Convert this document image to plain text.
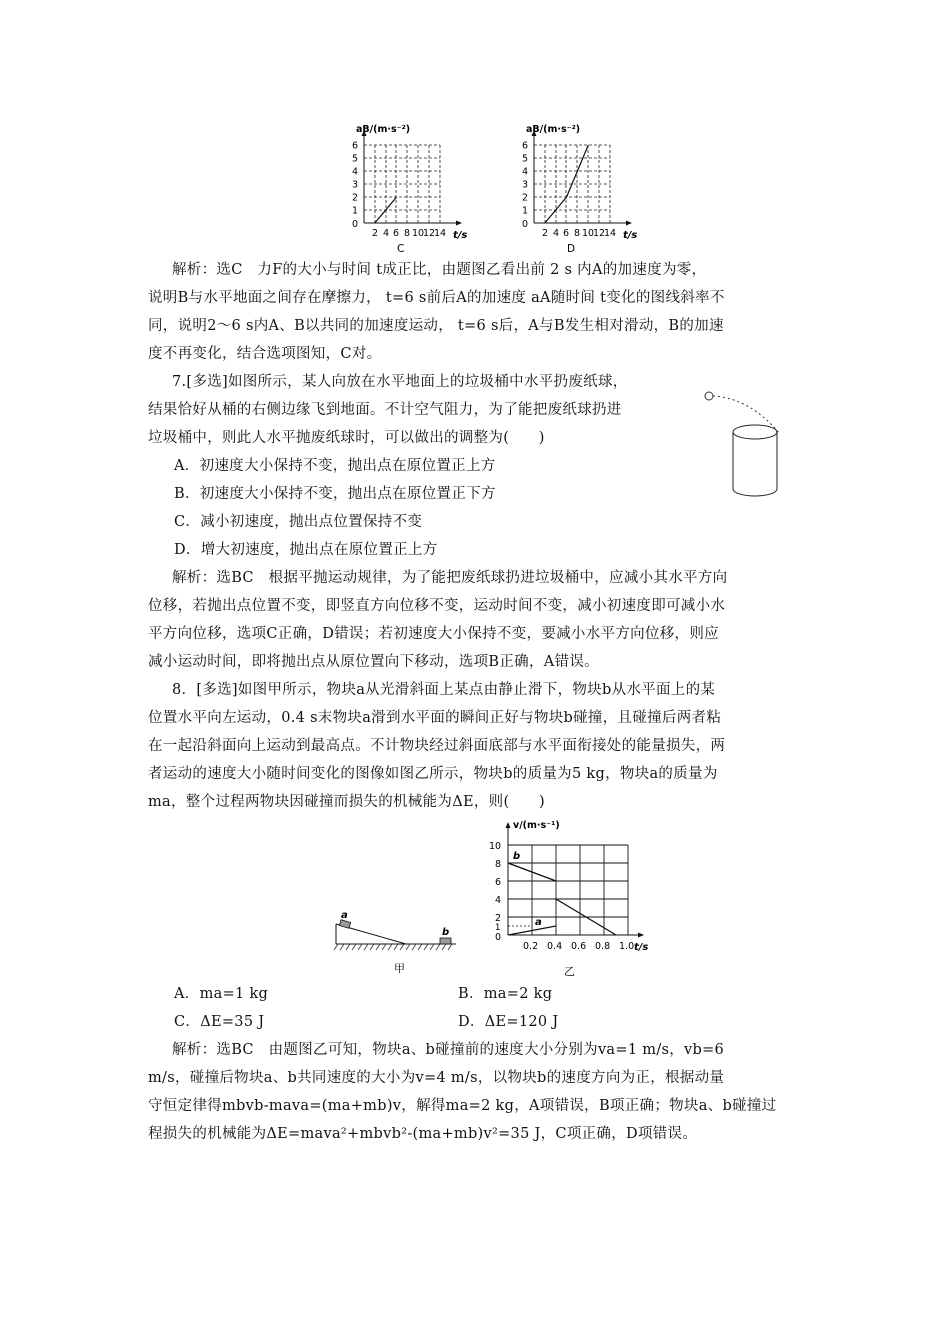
aB/(m·s⁻²)
6
5
4
3
2
1
0
2 4 6 8 10
12
14 t/s
C
aB/(m·s⁻²)
6
5
4
3
2
1
0
2 4 6 8 10
12
14 t/s
D
解析：选C　力F的大小与时间 t成正比，由题图乙看出前 2 s 内A的加速度为零，
说明B与水平地面之间存在摩擦力， t=6 s前后A的加速度 aA随时间 t变化的图线斜率不
同，说明2～6 s内A、B以共同的加速度运动， t=6 s后，A与B发生相对滑动，B的加速
度不再变化，结合选项图知，C对。
7.[多选]如图所示，某人向放在水平地面上的垃圾桶中水平扔废纸球，
结果恰好从桶的右侧边缘飞到地面。不计空气阻力，为了能把废纸球扔进
垃圾桶中，则此人水平抛废纸球时，可以做出的调整为(　　)
A．初速度大小保持不变，抛出点在原位置正上方
B．初速度大小保持不变，抛出点在原位置正下方
C．减小初速度，抛出点位置保持不变
D．增大初速度，抛出点在原位置正上方
解析：选BC　根据平抛运动规律，为了能把废纸球扔进垃圾桶中，应减小其水平方向
位移，若抛出点位置不变，即竖直方向位移不变，运动时间不变，减小初速度即可减小水
平方向位移，选项C正确，D错误；若初速度大小保持不变，要减小水平方向位移，则应
减小运动时间，即将抛出点从原位置向下移动，选项B正确，A错误。
8．[多选]如图甲所示，物块a从光滑斜面上某点由静止滑下，物块b从水平面上的某
位置水平向左运动，0.4 s末物块a滑到水平面的瞬间正好与物块b碰撞，且碰撞后两者粘
在一起沿斜面向上运动到最高点。不计物块经过斜面底部与水平面衔接处的能量损失，两
者运动的速度大小随时间变化的图像如图乙所示，物块b的质量为5 kg，物块a的质量为
ma，整个过程两物块因碰撞而损失的机械能为ΔE，则(　　)
a
b
甲
v/(m·s⁻¹)
10
8
6
4
2
1
0
0.2 0.4 0.6 0.8 1.0 t/s
b
a
乙
A．ma=1 kg	B．ma=2 kg
C．ΔE=35 J	D．ΔE=120 J
解析：选BC　由题图乙可知，物块a、b碰撞前的速度大小分别为va=1 m/s，vb=6
m/s，碰撞后物块a、b共同速度的大小为v=4 m/s，以物块b的速度方向为正，根据动量
守恒定律得mbvb-mava=(ma+mb)v，解得ma=2 kg，A项错误，B项正确；物块a、b碰撞过
程损失的机械能为ΔE=mava²+mbvb²-(ma+mb)v²=35 J，C项正确，D项错误。
